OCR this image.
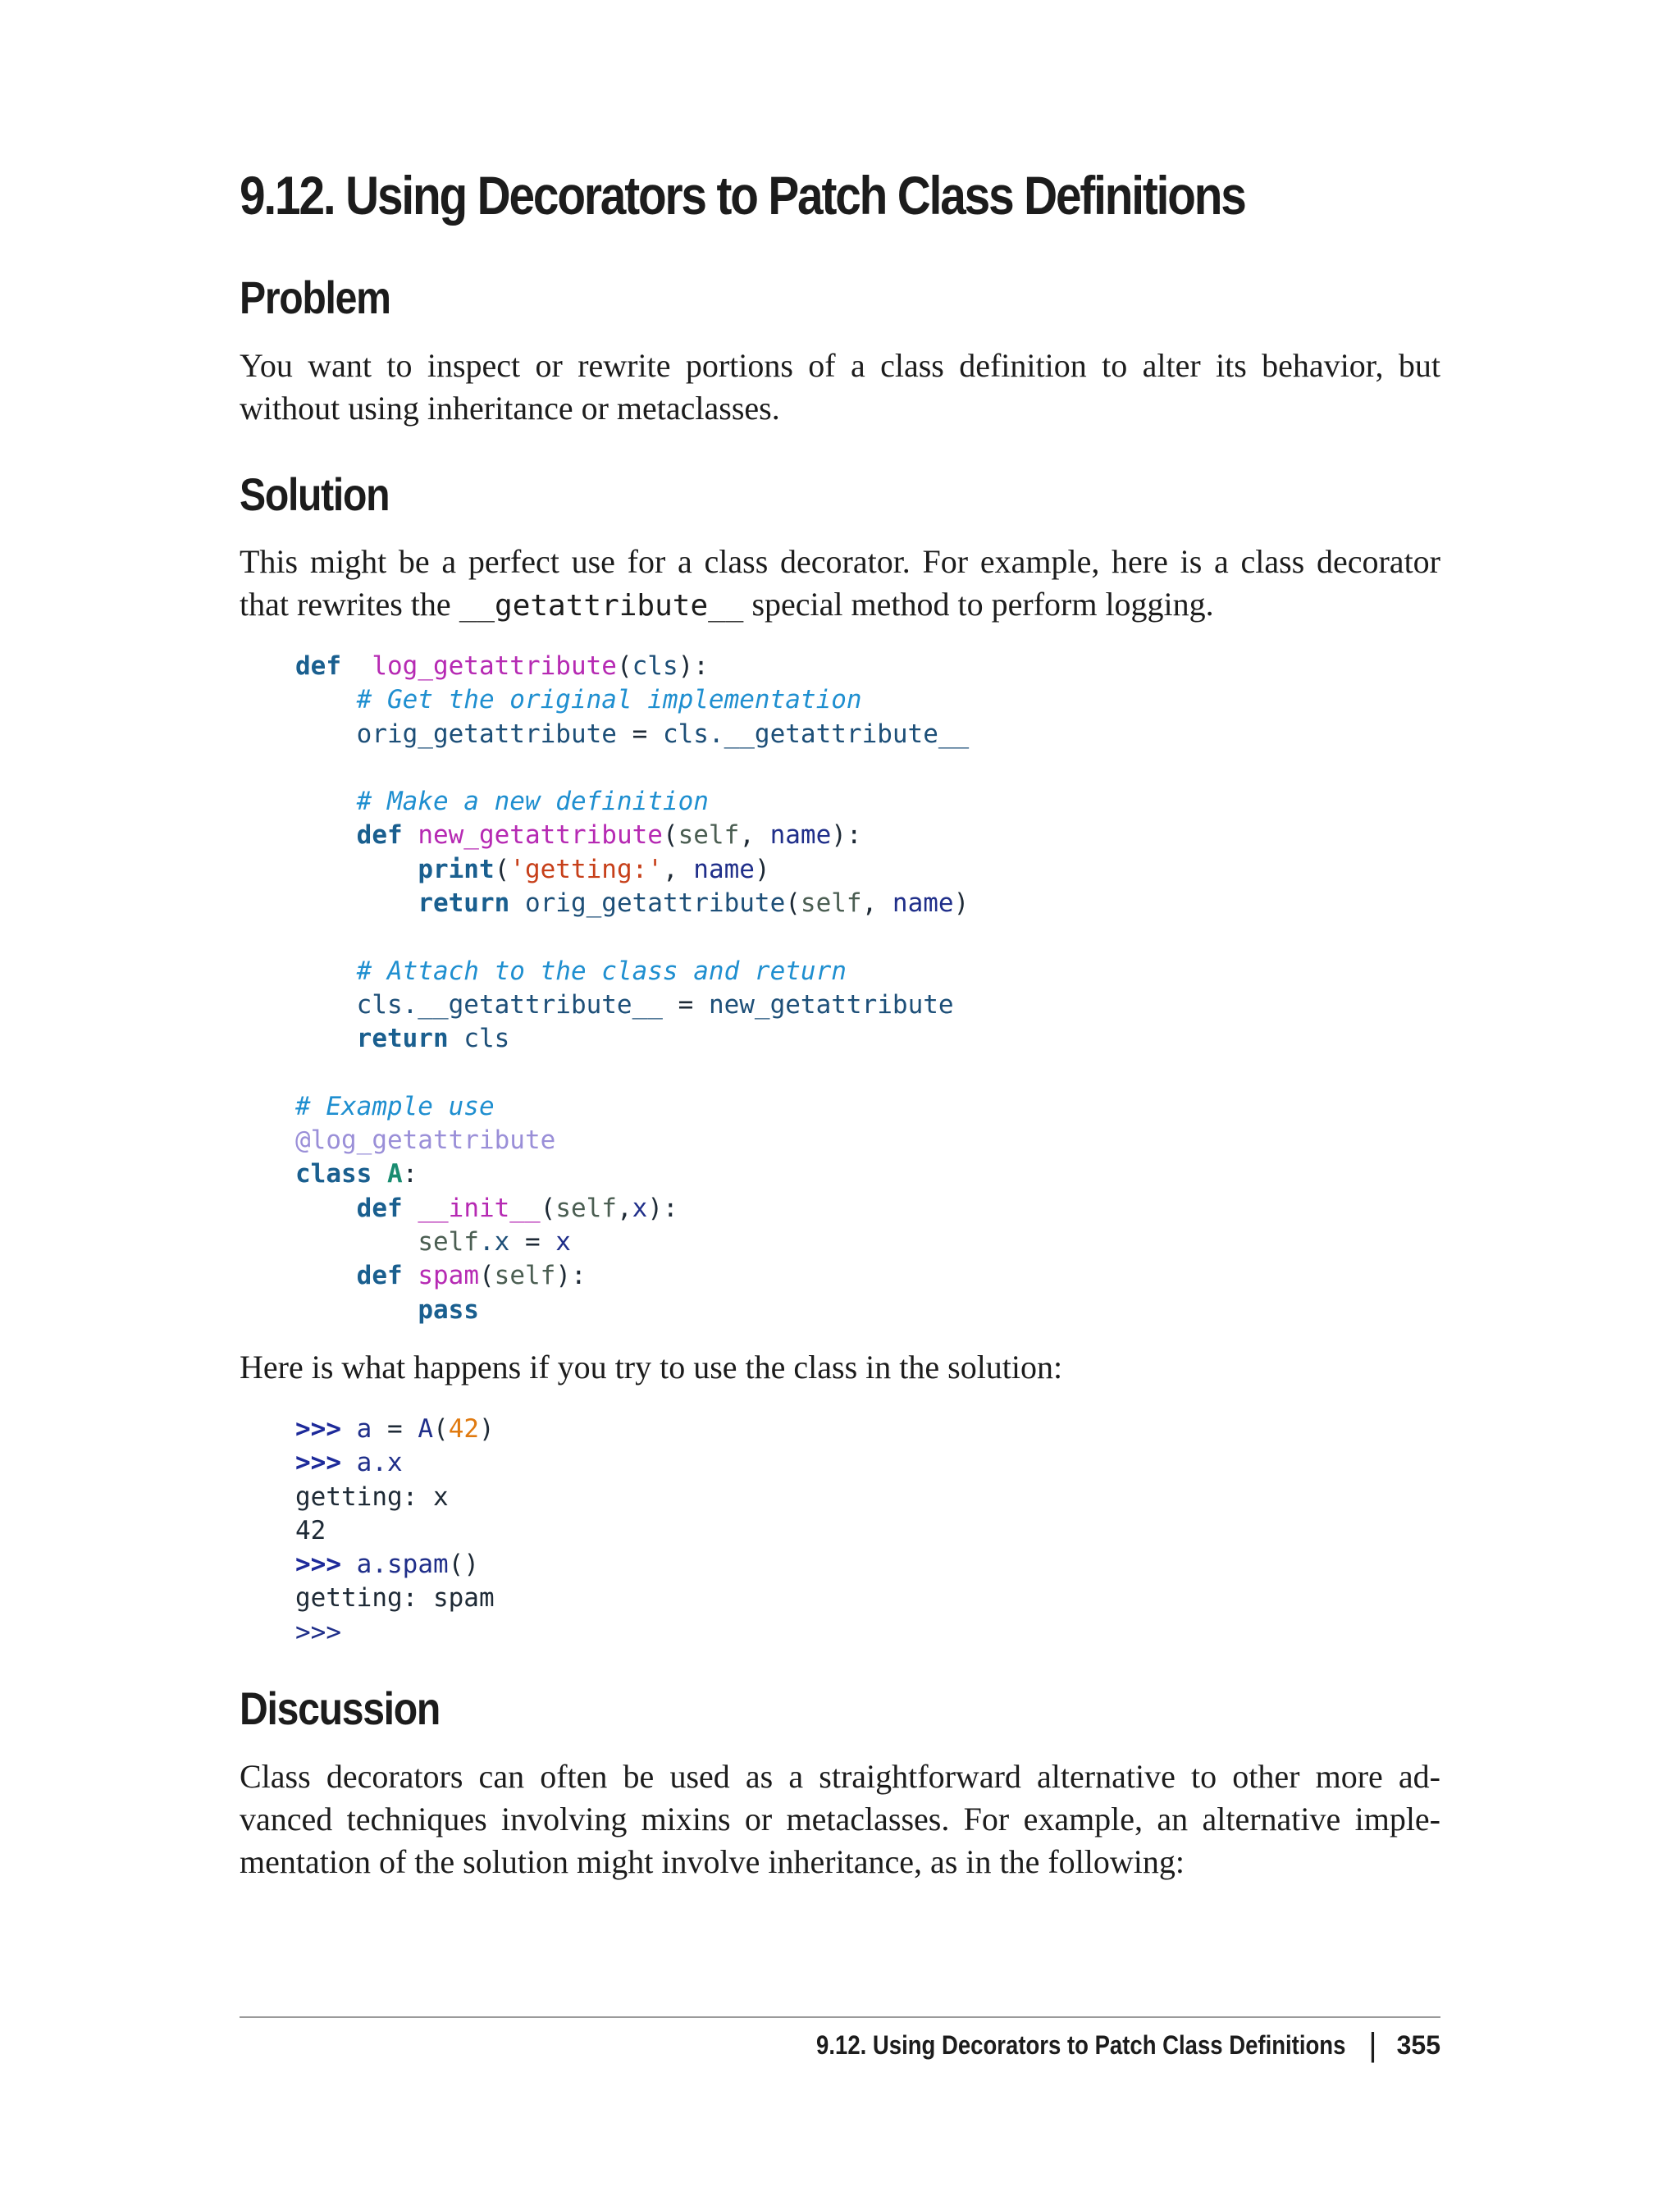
9.12. Using Decorators to Patch Class Definitions
Problem
You want to inspect or rewrite portions of a class definition to alter its behavior, but
without using inheritance or metaclasses.
Solution
This might be a perfect use for a class decorator. For example, here is a class decorator
that rewrites the __getattribute__ special method to perform logging.
def log_getattribute(cls):
# Get the original implementation
orig_getattribute = cls.__getattribute__
# Make a new definition
def new_getattribute(self, name):
print('getting:', name)
return orig_getattribute(self, name)
# Attach to the class and return
cls.__getattribute__ = new_getattribute
return cls
# Example use
@log_getattribute
class A:
def __init__(self,x):
self.x = x
def spam(self):
pass
Here is what happens if you try to use the class in the solution:
>>> a = A(42)
>>> a.x
getting: x
42
>>> a.spam()
getting: spam
>>>
Discussion
Class decorators can often be used as a straightforward alternative to other more ad-
vanced techniques involving mixins or metaclasses. For example, an alternative imple-
mentation of the solution might involve inheritance, as in the following:
9.12. Using Decorators to Patch Class Definitions | 355
